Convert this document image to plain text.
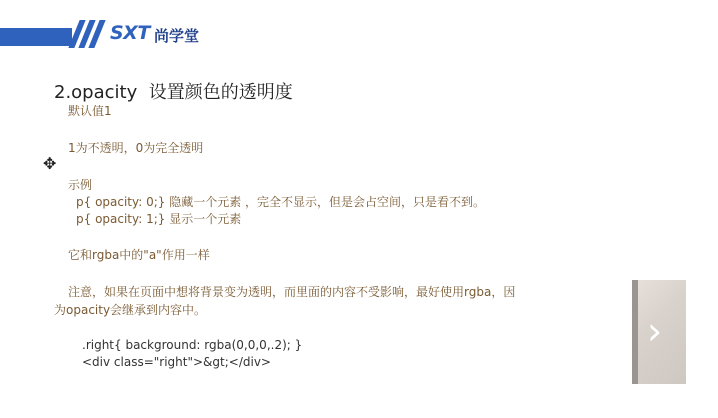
SXT 尚学堂
2.opacity 设置颜色的透明度
默认值1
1为不透明，0为完全透明
示例
p{ opacity: 0;} 隐藏一个元素 ，完全不显示，但是会占空间，只是看不到。
p{ opacity: 1;} 显示一个元素
它和rgba中的"a"作用一样
注意，如果在页面中想将背景变为透明，而里面的内容不受影响，最好使用rgba，因
为opacity会继承到内容中。
.right{ background: rgba(0,0,0,.2); }
<div class="right">&gt;</div>
✥
›
